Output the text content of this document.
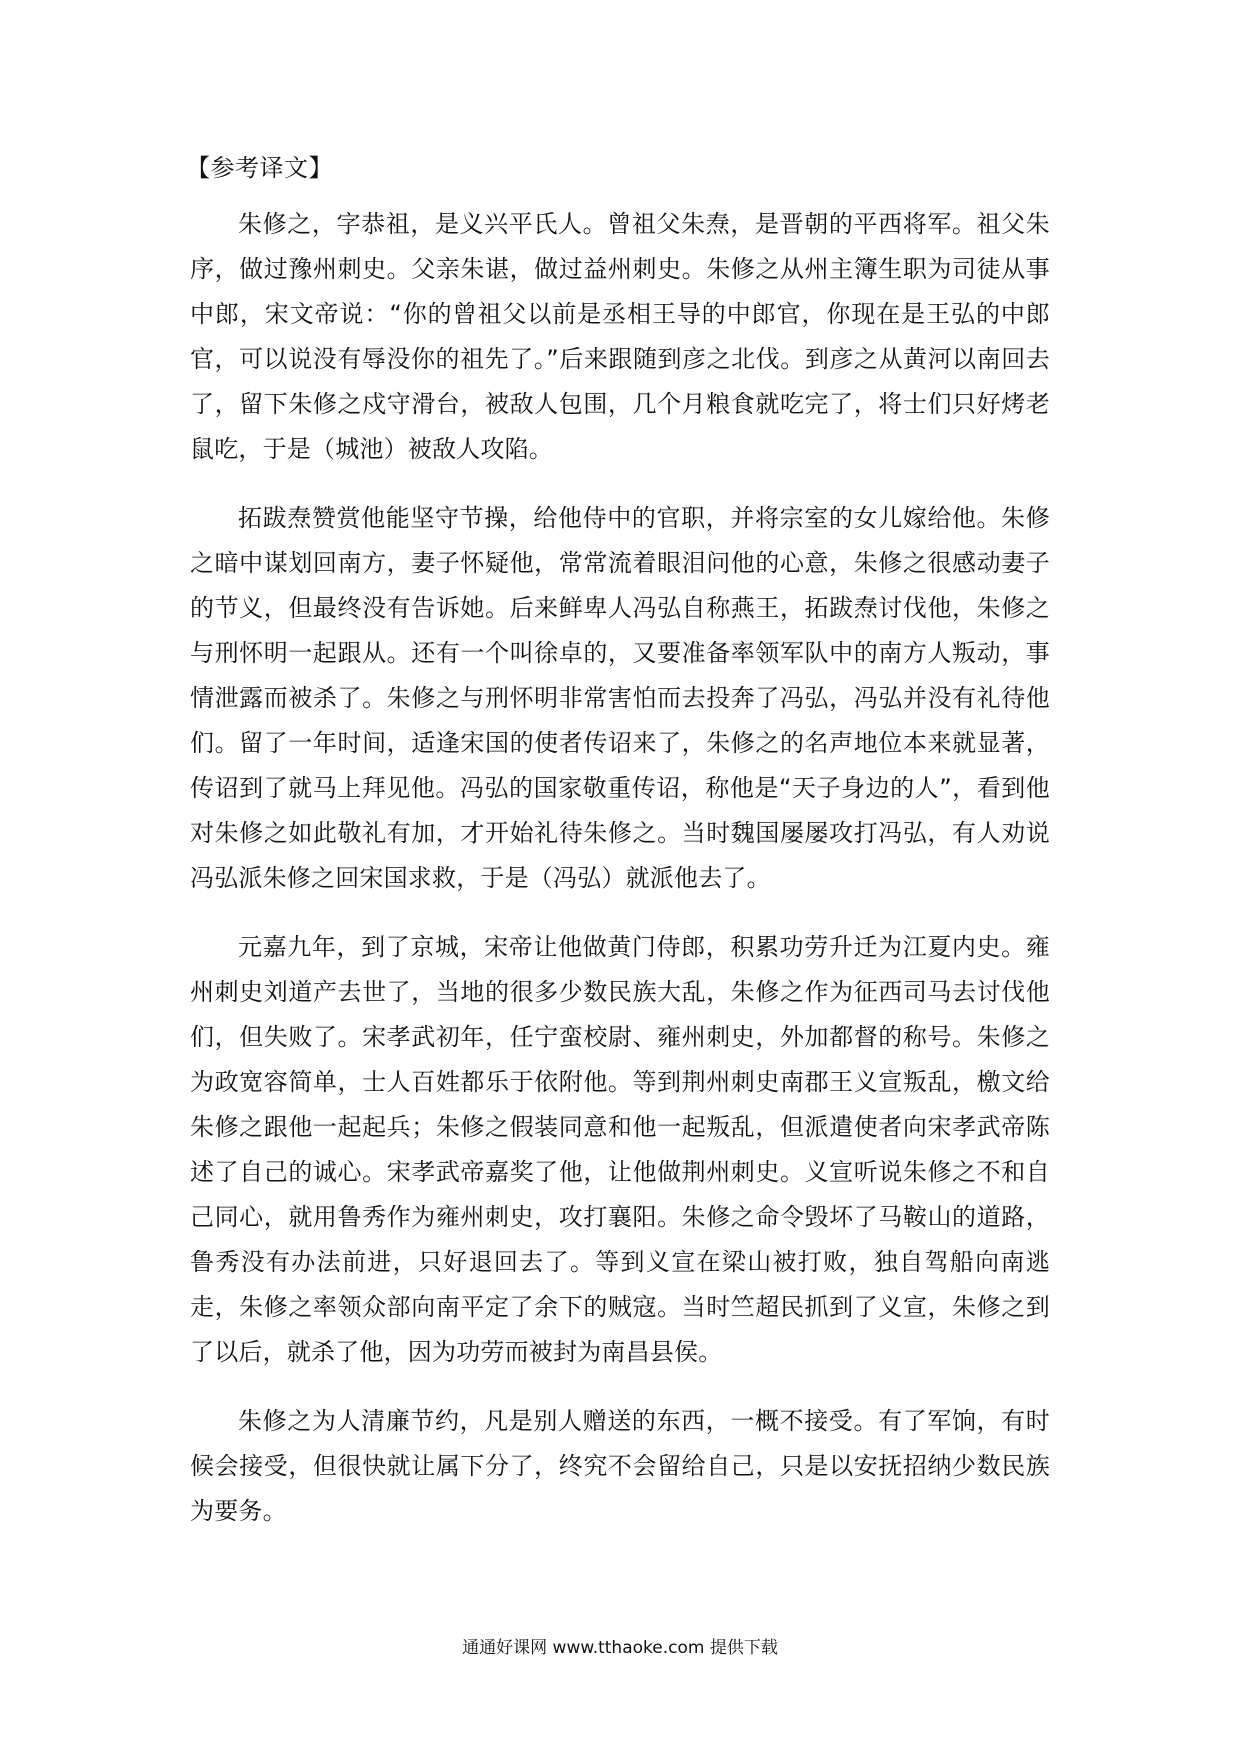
【参考译文】

朱修之，字恭祖，是义兴平氏人。曾祖父朱焘，是晋朝的平西将军。祖父朱序，做过豫州刺史。父亲朱谌，做过益州刺史。朱修之从州主簿生职为司徒从事中郎，宋文帝说：“你的曾祖父以前是丞相王导的中郎官，你现在是王弘的中郎官，可以说没有辱没你的祖先了。”后来跟随到彦之北伐。到彦之从黄河以南回去了，留下朱修之戍守滑台，被敌人包围，几个月粮食就吃完了，将士们只好烤老鼠吃，于是（城池）被敌人攻陷。

拓跋焘赞赏他能坚守节操，给他侍中的官职，并将宗室的女儿嫁给他。朱修之暗中谋划回南方，妻子怀疑他，常常流着眼泪问他的心意，朱修之很感动妻子的节义，但最终没有告诉她。后来鲜卑人冯弘自称燕王，拓跋焘讨伐他，朱修之与刑怀明一起跟从。还有一个叫徐卓的，又要准备率领军队中的南方人叛动，事情泄露而被杀了。朱修之与刑怀明非常害怕而去投奔了冯弘，冯弘并没有礼待他们。留了一年时间，适逢宋国的使者传诏来了，朱修之的名声地位本来就显著，传诏到了就马上拜见他。冯弘的国家敬重传诏，称他是“天子身边的人”，看到他对朱修之如此敬礼有加，才开始礼待朱修之。当时魏国屡屡攻打冯弘，有人劝说冯弘派朱修之回宋国求救，于是（冯弘）就派他去了。

元嘉九年，到了京城，宋帝让他做黄门侍郎，积累功劳升迁为江夏内史。雍州刺史刘道产去世了，当地的很多少数民族大乱，朱修之作为征西司马去讨伐他们，但失败了。宋孝武初年，任宁蛮校尉、雍州刺史，外加都督的称号。朱修之为政宽容简单，士人百姓都乐于依附他。等到荆州刺史南郡王义宣叛乱，檄文给朱修之跟他一起起兵；朱修之假装同意和他一起叛乱，但派遣使者向宋孝武帝陈述了自己的诚心。宋孝武帝嘉奖了他，让他做荆州刺史。义宣听说朱修之不和自己同心，就用鲁秀作为雍州刺史，攻打襄阳。朱修之命令毁坏了马鞍山的道路，鲁秀没有办法前进，只好退回去了。等到义宣在梁山被打败，独自驾船向南逃走，朱修之率领众部向南平定了余下的贼寇。当时竺超民抓到了义宣，朱修之到了以后，就杀了他，因为功劳而被封为南昌县侯。

朱修之为人清廉节约，凡是别人赠送的东西，一概不接受。有了军饷，有时候会接受，但很快就让属下分了，终究不会留给自己，只是以安抚招纳少数民族为要务。

通通好课网 www.tthaoke.com 提供下载
